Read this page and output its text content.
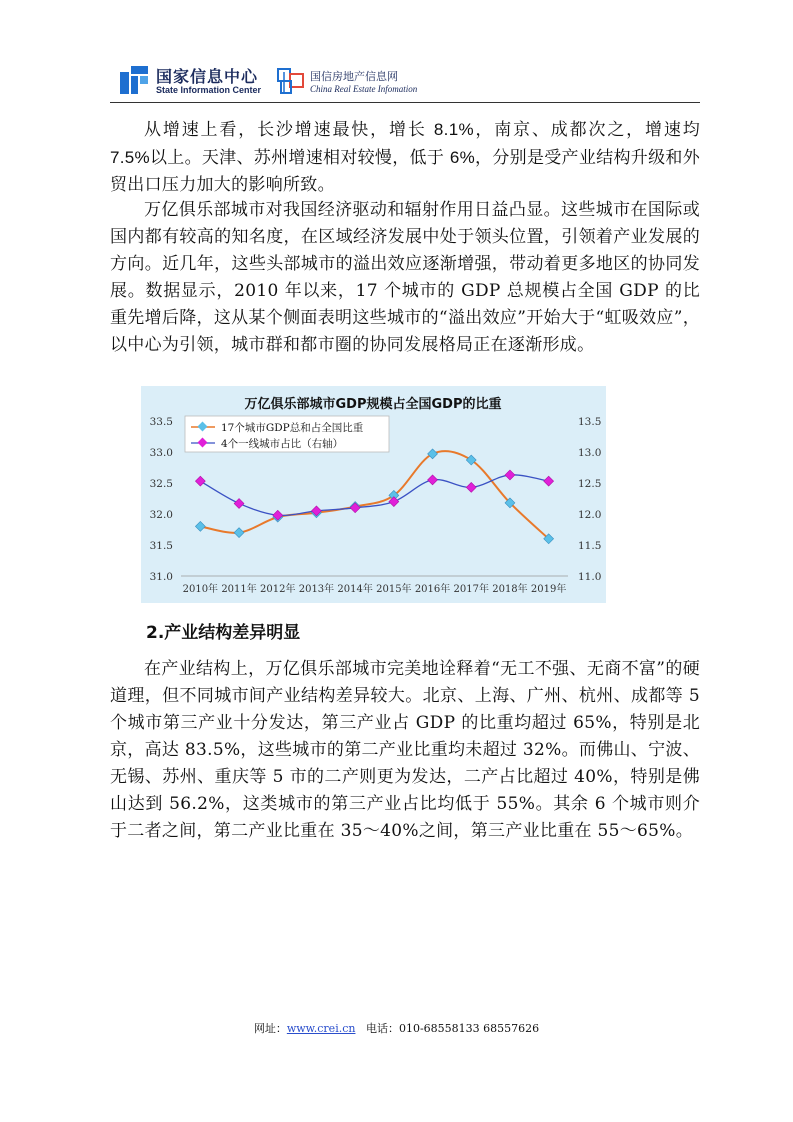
国家信息中心
State Information Center
国信房地产信息网
China Real Estate Infomation

从增速上看，长沙增速最快，增长 8.1%，南京、成都次之，增速均 7.5%以上。天津、苏州增速相对较慢，低于 6%，分别是受产业结构升级和外贸出口压力加大的影响所致。

万亿俱乐部城市对我国经济驱动和辐射作用日益凸显。这些城市在国际或国内都有较高的知名度，在区域经济发展中处于领头位置，引领着产业发展的方向。近几年，这些头部城市的溢出效应逐渐增强，带动着更多地区的协同发展。数据显示，2010 年以来，17 个城市的 GDP 总规模占全国 GDP 的比重先增后降，这从某个侧面表明这些城市的“溢出效应”开始大于“虹吸效应”，以中心为引领，城市群和都市圈的协同发展格局正在逐渐形成。

万亿俱乐部城市GDP规模占全国GDP的比重
33.5
33.0
32.5
32.0
31.5
31.0
13.5
13.0
12.5
12.0
11.5
11.0
2010年 2011年 2012年 2013年 2014年 2015年 2016年 2017年 2018年 2019年
17个城市GDP总和占全国比重
4个一线城市占比（右轴）

2.产业结构差异明显

在产业结构上，万亿俱乐部城市完美地诠释着“无工不强、无商不富”的硬道理，但不同城市间产业结构差异较大。北京、上海、广州、杭州、成都等 5 个城市第三产业十分发达，第三产业占 GDP 的比重均超过 65%，特别是北京，高达 83.5%，这些城市的第二产业比重均未超过 32%。而佛山、宁波、无锡、苏州、重庆等 5 市的二产则更为发达，二产占比超过 40%，特别是佛山达到 56.2%，这类城市的第三产业占比均低于 55%。其余 6 个城市则介于二者之间，第二产业比重在 35～40%之间，第三产业比重在 55～65%。

网址：www.crei.cn 电话：010-68558133 68557626
